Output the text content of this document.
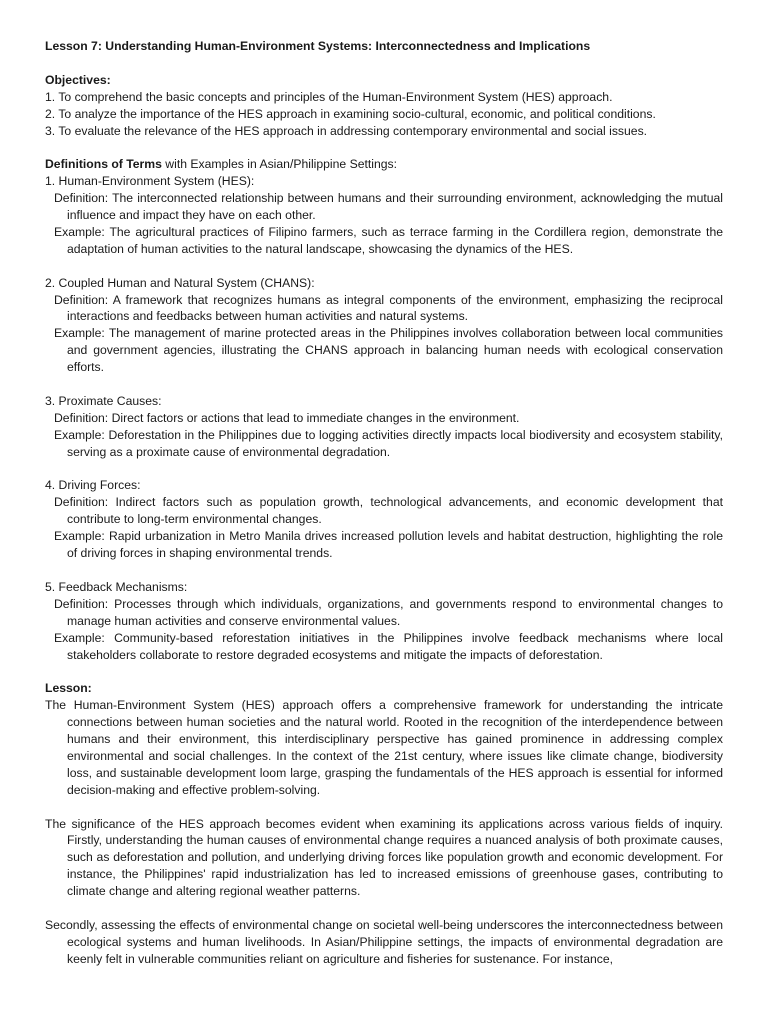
Lesson 7: Understanding Human-Environment Systems: Interconnectedness and Implications

Objectives:

1. To comprehend the basic concepts and principles of the Human-Environment System (HES) approach.

2. To analyze the importance of the HES approach in examining socio-cultural, economic, and political conditions.

3. To evaluate the relevance of the HES approach in addressing contemporary environmental and social issues.

Definitions of Terms with Examples in Asian/Philippine Settings:

1. Human-Environment System (HES):

Definition: The interconnected relationship between humans and their surrounding environment, acknowledging the mutual influence and impact they have on each other.

Example: The agricultural practices of Filipino farmers, such as terrace farming in the Cordillera region, demonstrate the adaptation of human activities to the natural landscape, showcasing the dynamics of the HES.

2. Coupled Human and Natural System (CHANS):

Definition: A framework that recognizes humans as integral components of the environment, emphasizing the reciprocal interactions and feedbacks between human activities and natural systems.

Example: The management of marine protected areas in the Philippines involves collaboration between local communities and government agencies, illustrating the CHANS approach in balancing human needs with ecological conservation efforts.

3. Proximate Causes:

Definition: Direct factors or actions that lead to immediate changes in the environment.

Example: Deforestation in the Philippines due to logging activities directly impacts local biodiversity and ecosystem stability, serving as a proximate cause of environmental degradation.

4. Driving Forces:

Definition: Indirect factors such as population growth, technological advancements, and economic development that contribute to long-term environmental changes.

Example: Rapid urbanization in Metro Manila drives increased pollution levels and habitat destruction, highlighting the role of driving forces in shaping environmental trends.

5. Feedback Mechanisms:

Definition: Processes through which individuals, organizations, and governments respond to environmental changes to manage human activities and conserve environmental values.

Example: Community-based reforestation initiatives in the Philippines involve feedback mechanisms where local stakeholders collaborate to restore degraded ecosystems and mitigate the impacts of deforestation.

Lesson:

The Human-Environment System (HES) approach offers a comprehensive framework for understanding the intricate connections between human societies and the natural world. Rooted in the recognition of the interdependence between humans and their environment, this interdisciplinary perspective has gained prominence in addressing complex environmental and social challenges. In the context of the 21st century, where issues like climate change, biodiversity loss, and sustainable development loom large, grasping the fundamentals of the HES approach is essential for informed decision-making and effective problem-solving.

The significance of the HES approach becomes evident when examining its applications across various fields of inquiry. Firstly, understanding the human causes of environmental change requires a nuanced analysis of both proximate causes, such as deforestation and pollution, and underlying driving forces like population growth and economic development. For instance, the Philippines' rapid industrialization has led to increased emissions of greenhouse gases, contributing to climate change and altering regional weather patterns.

Secondly, assessing the effects of environmental change on societal well-being underscores the interconnectedness between ecological systems and human livelihoods. In Asian/Philippine settings, the impacts of environmental degradation are keenly felt in vulnerable communities reliant on agriculture and fisheries for sustenance. For instance,
